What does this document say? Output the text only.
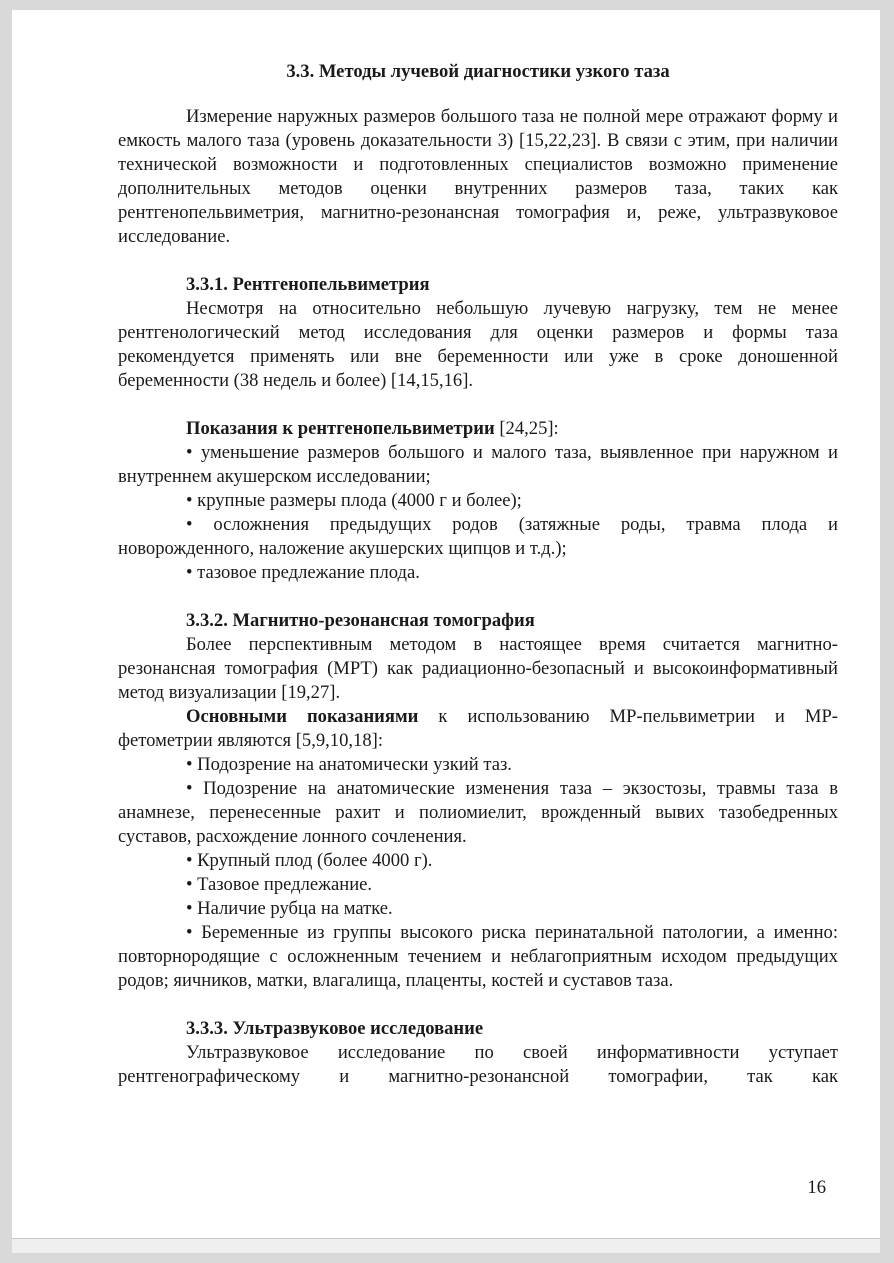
3.3. Методы лучевой диагностики узкого таза

Измерение наружных размеров большого таза не полной мере отражают форму и емкость малого таза (уровень доказательности 3) [15,22,23]. В связи с этим, при наличии технической возможности и подготовленных специалистов возможно применение дополнительных методов оценки внутренних размеров таза, таких как рентгенопельвиметрия, магнитно-резонансная томография и, реже, ультразвуковое исследование.

3.3.1. Рентгенопельвиметрия

Несмотря на относительно небольшую лучевую нагрузку, тем не менее рентгенологический метод исследования для оценки размеров и формы таза рекомендуется применять или вне беременности или уже в сроке доношенной беременности (38 недель и более) [14,15,16].

Показания к рентгенопельвиметрии [24,25]:

• уменьшение размеров большого и малого таза, выявленное при наружном и внутреннем акушерском исследовании;

• крупные размеры плода (4000 г и более);

• осложнения предыдущих родов (затяжные роды, травма плода и новорожденного, наложение акушерских щипцов и т.д.);

• тазовое предлежание плода.

3.3.2. Магнитно-резонансная томография

Более перспективным методом в настоящее время считается магнитно-резонансная томография (МРТ) как радиационно-безопасный и высокоинформативный метод визуализации [19,27].

Основными показаниями к использованию МР-пельвиметрии и МР-фетометрии являются [5,9,10,18]:

• Подозрение на анатомически узкий таз.

• Подозрение на анатомические изменения таза – экзостозы, травмы таза в анамнезе, перенесенные рахит и полиомиелит, врожденный вывих тазобедренных суставов, расхождение лонного сочленения.

• Крупный плод (более 4000 г).

• Тазовое предлежание.

• Наличие рубца на матке.

• Беременные из группы высокого риска перинатальной патологии, а именно: повторнородящие с осложненным течением и неблагоприятным исходом предыдущих родов; яичников, матки, влагалища, плаценты, костей и суставов таза.

3.3.3. Ультразвуковое исследование

Ультразвуковое исследование по своей информативности уступает рентгенографическому и магнитно-резонансной томографии, так как

16
